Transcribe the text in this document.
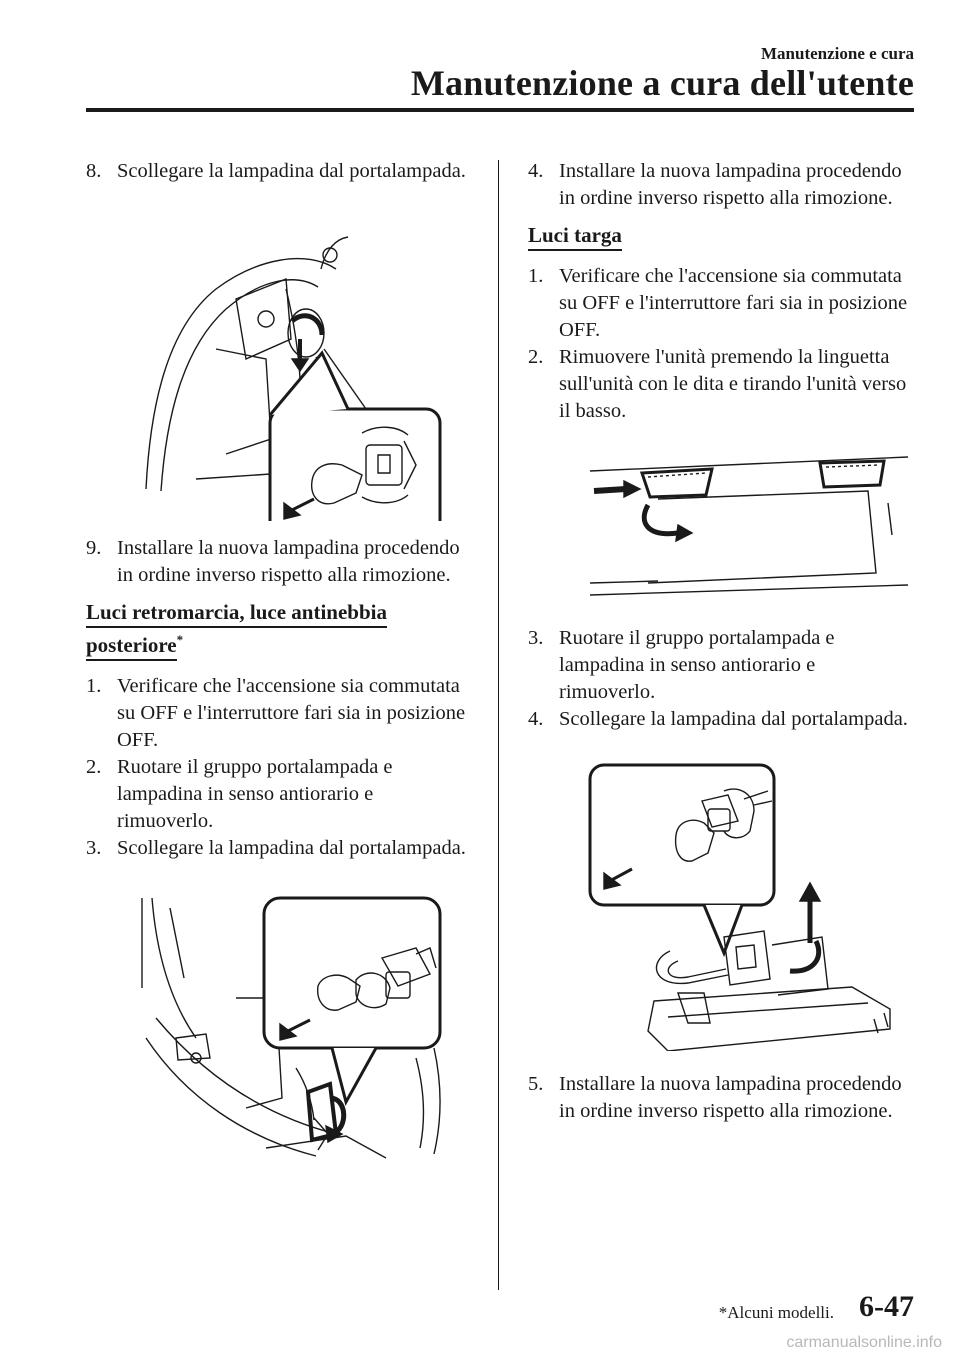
Manutenzione e cura
Manutenzione a cura dell'utente
8. Scollegare la lampadina dal portalampada.
9. Installare la nuova lampadina procedendo in ordine inverso rispetto alla rimozione.
Luci retromarcia, luce antinebbia posteriore*
1. Verificare che l'accensione sia commutata su OFF e l'interruttore fari sia in posizione OFF.
2. Ruotare il gruppo portalampada e lampadina in senso antiorario e rimuoverlo.
3. Scollegare la lampadina dal portalampada.
4. Installare la nuova lampadina procedendo in ordine inverso rispetto alla rimozione.
Luci targa
1. Verificare che l'accensione sia commutata su OFF e l'interruttore fari sia in posizione OFF.
2. Rimuovere l'unità premendo la linguetta sull'unità con le dita e tirando l'unità verso il basso.
3. Ruotare il gruppo portalampada e lampadina in senso antiorario e rimuoverlo.
4. Scollegare la lampadina dal portalampada.
5. Installare la nuova lampadina procedendo in ordine inverso rispetto alla rimozione.
*Alcuni modelli. 6-47
carmanualsonline.info
